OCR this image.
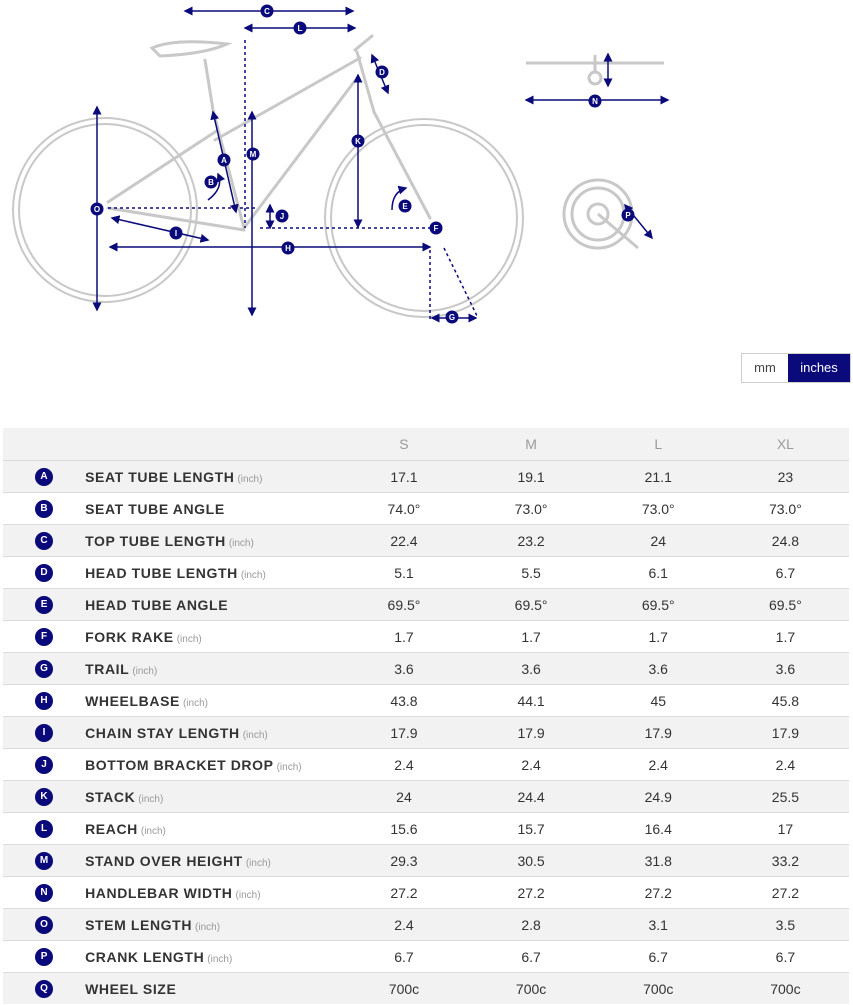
A
B
C
D
E
F
G
H
I
J
K
L
M
N
O
P
mm	inches
		S	M	L	XL
A	SEAT TUBE LENGTH (inch)	17.1	19.1	21.1	23
B	SEAT TUBE ANGLE	74.0°	73.0°	73.0°	73.0°
C	TOP TUBE LENGTH (inch)	22.4	23.2	24	24.8
D	HEAD TUBE LENGTH (inch)	5.1	5.5	6.1	6.7
E	HEAD TUBE ANGLE	69.5°	69.5°	69.5°	69.5°
F	FORK RAKE (inch)	1.7	1.7	1.7	1.7
G	TRAIL (inch)	3.6	3.6	3.6	3.6
H	WHEELBASE (inch)	43.8	44.1	45	45.8
I	CHAIN STAY LENGTH (inch)	17.9	17.9	17.9	17.9
J	BOTTOM BRACKET DROP (inch)	2.4	2.4	2.4	2.4
K	STACK (inch)	24	24.4	24.9	25.5
L	REACH (inch)	15.6	15.7	16.4	17
M	STAND OVER HEIGHT (inch)	29.3	30.5	31.8	33.2
N	HANDLEBAR WIDTH (inch)	27.2	27.2	27.2	27.2
O	STEM LENGTH (inch)	2.4	2.8	3.1	3.5
P	CRANK LENGTH (inch)	6.7	6.7	6.7	6.7
Q	WHEEL SIZE	700c	700c	700c	700c
